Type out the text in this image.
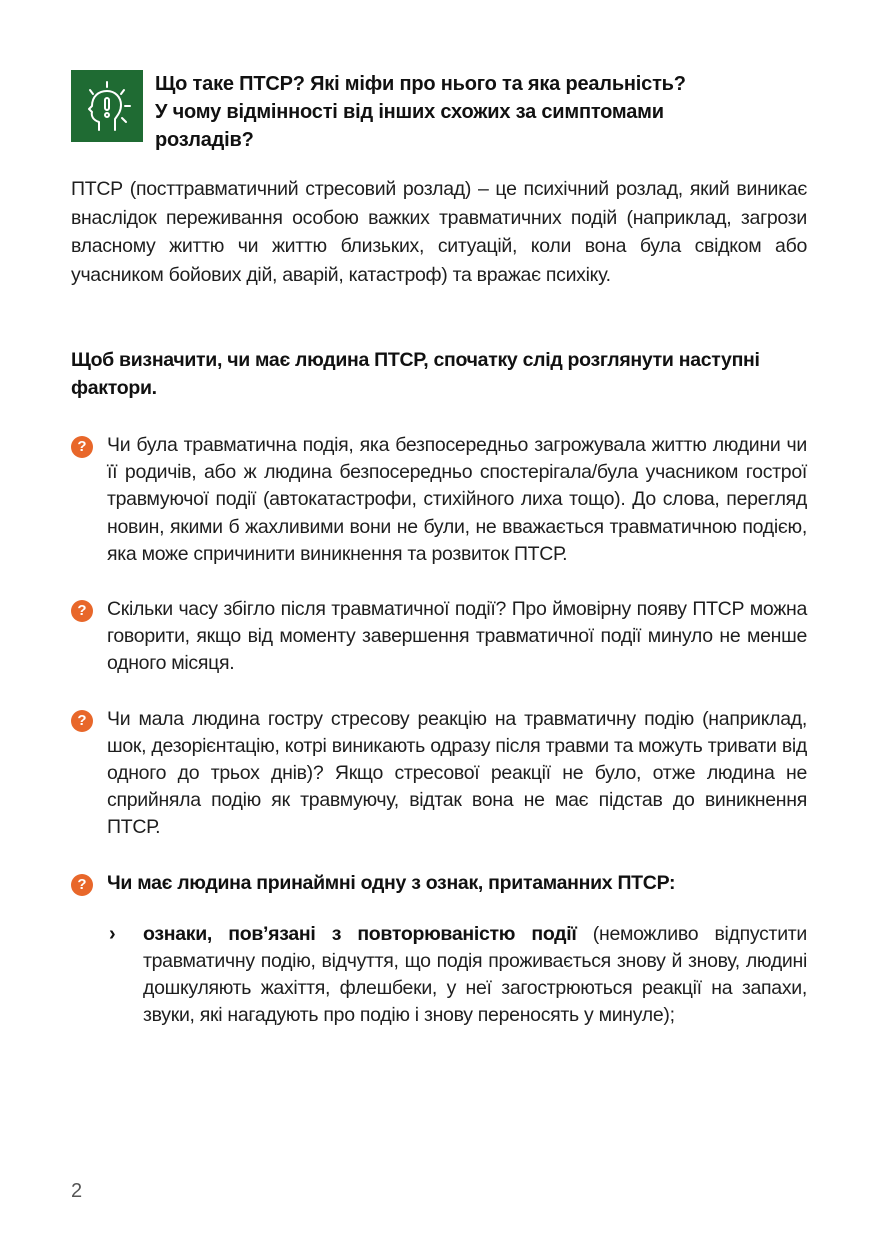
Що таке ПТСР? Які міфи про нього та яка реальність?
У чому відмінності від інших схожих за симптомами
розладів?

ПТСР (посттравматичний стресовий розлад) – це психічний розлад, який виникає внаслідок переживання особою важких травматичних подій (наприклад, загрози власному життю чи життю близьких, ситуацій, коли вона була свідком або учасником бойових дій, аварій, катастроф) та вражає психіку.

Щоб визначити, чи має людина ПТСР, спочатку слід розглянути наступні фактори.

?	Чи була травматична подія, яка безпосередньо загрожувала життю людини чи її родичів, або ж людина безпосередньо спостерігала/була учасником гострої травмуючої події (автокатастрофи, стихійного лиха тощо). До слова, перегляд новин, якими б жахливими вони не були, не вважається травматичною подією, яка може спричинити виникнення та розвиток ПТСР.

?	Скільки часу збігло після травматичної події? Про ймовірну появу ПТСР можна говорити, якщо від моменту завершення травматичної події минуло не менше одного місяця.

?	Чи мала людина гостру стресову реакцію на травматичну подію (наприклад, шок, дезорієнтацію, котрі виникають одразу після травми та можуть тривати від одного до трьох днів)? Якщо стресової реакції не було, отже людина не сприйняла подію як травмуючу, відтак вона не має підстав до виникнення ПТСР.

?	Чи має людина принаймні одну з ознак, притаманних ПТСР:

› ознаки, пов’язані з повторюваністю події (неможливо відпустити травматичну подію, відчуття, що подія проживається знову й знову, людині дошкуляють жахіття, флешбеки, у неї загострюються реакції на запахи, звуки, які нагадують про подію і знову переносять у минуле);

2
